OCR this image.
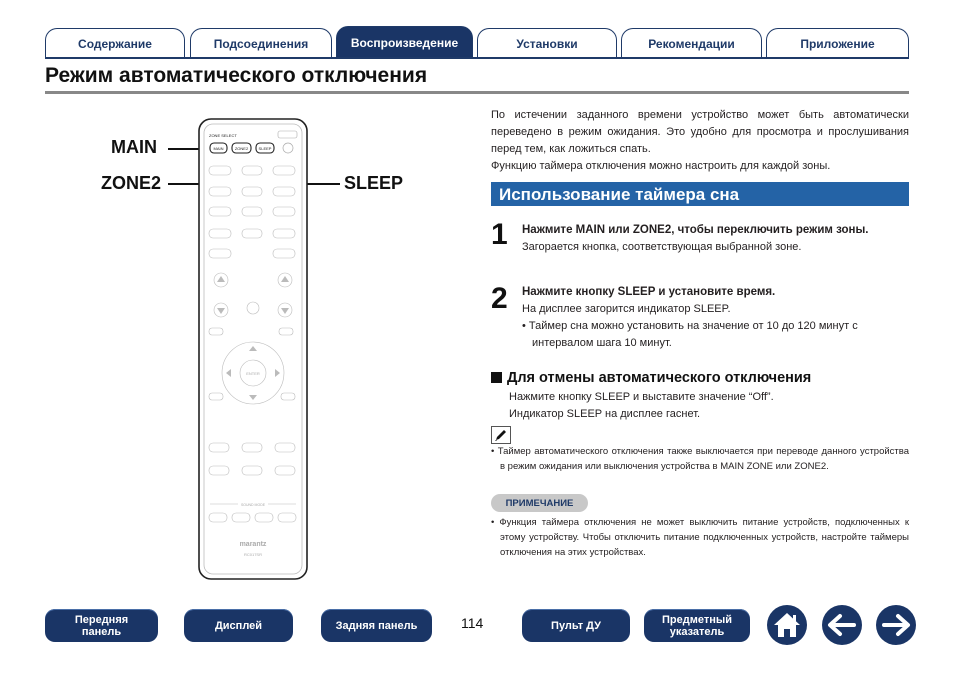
Содержание	Подсоединения	Воспроизведение	Установки	Рекомендации	Приложение
Режим автоматического отключения
MAIN
ZONE2	SLEEP
ZONE SELECT
MAIN	ZONE2	SLEEP
ENTER
SOUND MODE
marantz
RC017SR

По истечении заданного времени устройство может быть автоматически переведено в режим ожидания. Это удобно для просмотра и прослушивания перед тем, как ложиться спать.

Функцию таймера отключения можно настроить для каждой зоны.

Использование таймера сна
1 Нажмите MAIN или ZONE2, чтобы переключить режим зоны.

Загорается кнопка, соответствующая выбранной зоне.

2 Нажмите кнопку SLEEP и установите время.

На дисплее загорится индикатор SLEEP.

• Таймер сна можно установить на значение от 10 до 120 минут с интервалом шага 10 минут.

Для отмены автоматического отключения

Нажмите кнопку SLEEP и выставите значение “Off”.

Индикатор SLEEP на дисплее гаснет.

• Таймер автоматического отключения также выключается при переводе данного устройства в режим ожидания или выключения устройства в MAIN ZONE или ZONE2.

ПРИМЕЧАНИЕ

• Функция таймера отключения не может выключить питание устройств, подключенных к этому устройству. Чтобы отключить питание подключенных устройств, настройте таймеры отключения на этих устройствах.

Передняя
панель	Дисплей	Задняя панель	114	Пульт ДУ	Предметный
указатель
